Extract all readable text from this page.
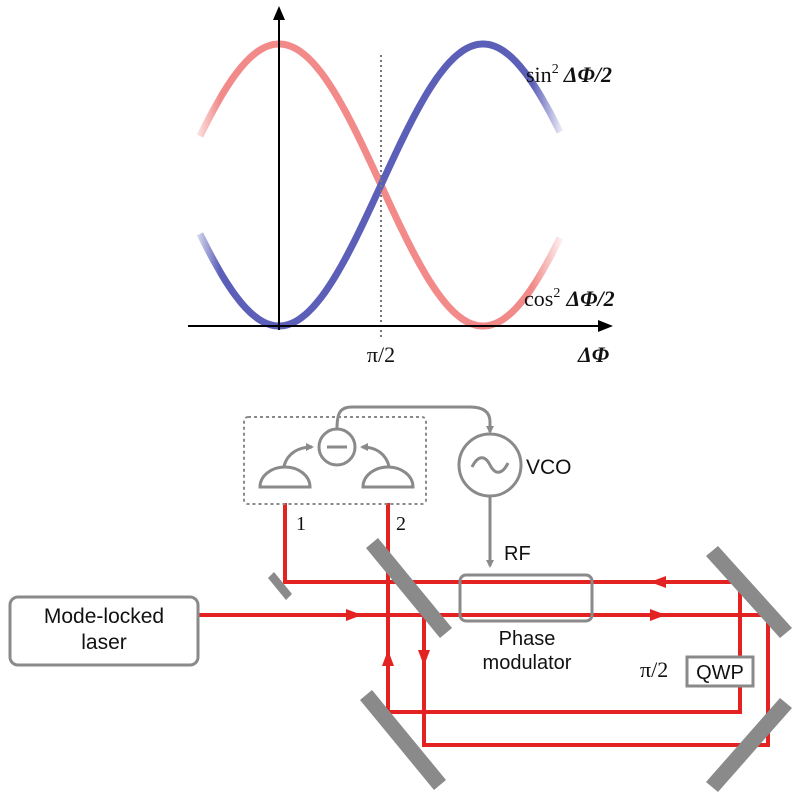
$\sin^2 \Delta\Phi/2$
$\cos^2 \Delta\Phi/2$
π/2	ΔΦ
Mode-locked
laser	Phase
modulator	π/2 QWP
1	2
VCO
RF
